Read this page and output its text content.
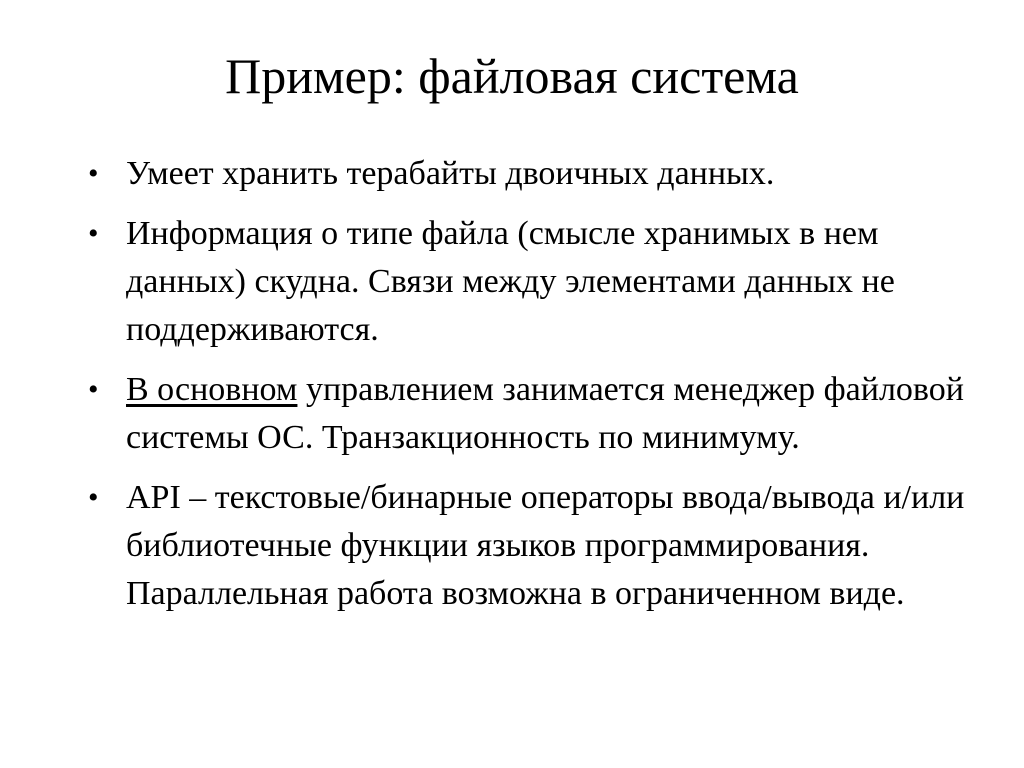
Пример: файловая система
• Умеет хранить терабайты двоичных данных.
• Информация о типе файла (смысле хранимых в нем данных) скудна. Связи между элементами данных не поддерживаются.
• В основном управлением занимается менеджер файловой системы ОС. Транзакционность по минимуму.
• API – текстовые/бинарные операторы ввода/вывода и/или библиотечные функции языков программирования. Параллельная работа возможна в ограниченном виде.
